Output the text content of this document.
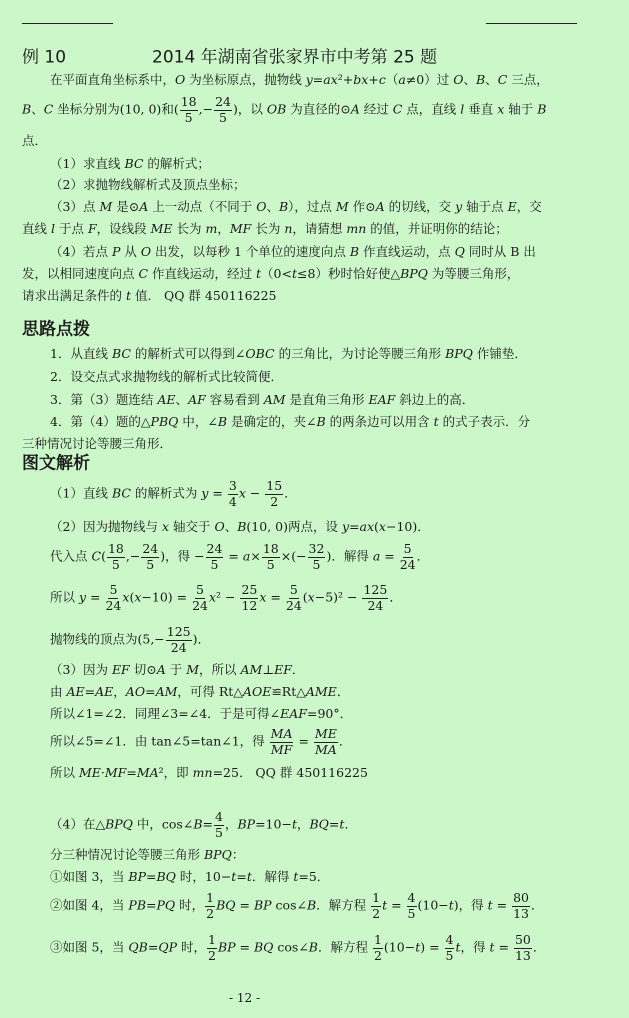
例 10	2014 年湖南省张家界市中考第 25 题
在平面直角坐标系中，O 为坐标原点，抛物线 y=ax²+bx+c（a≠0）过 O、B、C 三点，
B、C 坐标分别为(10, 0)和( $\frac{18}{5}$ ,− $\frac{24}{5}$ )，以 OB 为直径的⊙A 经过 C 点，直线 l 垂直 x 轴于 B
点．
（1）求直线 BC 的解析式；
（2）求抛物线解析式及顶点坐标；
（3）点 M 是⊙A 上一动点（不同于 O、B），过点 M 作⊙A 的切线，交 y 轴于点 E，交
直线 l 于点 F，设线段 ME 长为 m，MF 长为 n，请猜想 mn 的值，并证明你的结论；
（4）若点 P 从 O 出发，以每秒 1 个单位的速度向点 B 作直线运动，点 Q 同时从 B 出
发，以相同速度向点 C 作直线运动，经过 t（0<t≤8）秒时恰好使△BPQ 为等腰三角形，
请求出满足条件的 t 值． QQ 群 450116225
思路点拨
1．从直线 BC 的解析式可以得到∠OBC 的三角比，为讨论等腰三角形 BPQ 作铺垫．
2．设交点式求抛物线的解析式比较简便．
3．第（3）题连结 AE、AF 容易看到 AM 是直角三角形 EAF 斜边上的高．
4．第（4）题的△PBQ 中，∠B 是确定的，夹∠B 的两条边可以用含 t 的式子表示．分
三种情况讨论等腰三角形．
图文解析
（1）直线 BC 的解析式为 $y = \frac{3}{4}$ $x - \frac{15}{2}$ ．
（2）因为抛物线与 x 轴交于 O、B(10, 0)两点，设 y=ax(x−10)．
代入点 $C( \frac{18}{5}$ ,− $\frac{24}{5}$ )，得 − $\frac{24}{5} = a\times \frac{18}{5}$ ×(− $\frac{32}{5}$ )．解得 $a = \frac{5}{24}$ ．
所以 $y = \frac{5}{24} x(x-10) = \frac{5}{24} x^2 - \frac{25}{12}$ $x = \frac{5}{24} (x-5)^2 - \frac{125}{24}$ ．
抛物线的顶点为($5,- \frac{125}{24}$ )．
（3）因为 EF 切⊙A 于 M，所以 AM⊥EF．
由 AE=AE，AO=AM，可得 Rt△AOE≌Rt△AME．
所以∠1=∠2．同理∠3=∠4．于是可得∠EAF=90°．
所以∠5=∠1．由 tan∠5=tan∠1，得 $\frac{MA}{MF} = \frac{ME}{MA}$ ．
所以 ME·MF=MA²，即 mn=25． QQ 群 450116225
（4）在△BPQ 中，cos∠B= $\frac{4}{5}$ ，BP=10−t，BQ=t．
分三种情况讨论等腰三角形 BPQ：
①如图 3，当 BP=BQ 时，10−t=t．解得 t=5．
②如图 4，当 PB=PQ 时， $\frac{1}{2}$ BQ = BP cos∠B．解方程 $\frac{1}{2}$ $t = \frac{4}{5} (10-t)$，得 $t = \frac{80}{13}$ ．
③如图 5，当 QB=QP 时， $\frac{1}{2}$ BP = BQ cos∠B．解方程 $\frac{1}{2} (10-t) = \frac{4}{5}$ t，得 $t = \frac{50}{13}$ ．
- 12 -
